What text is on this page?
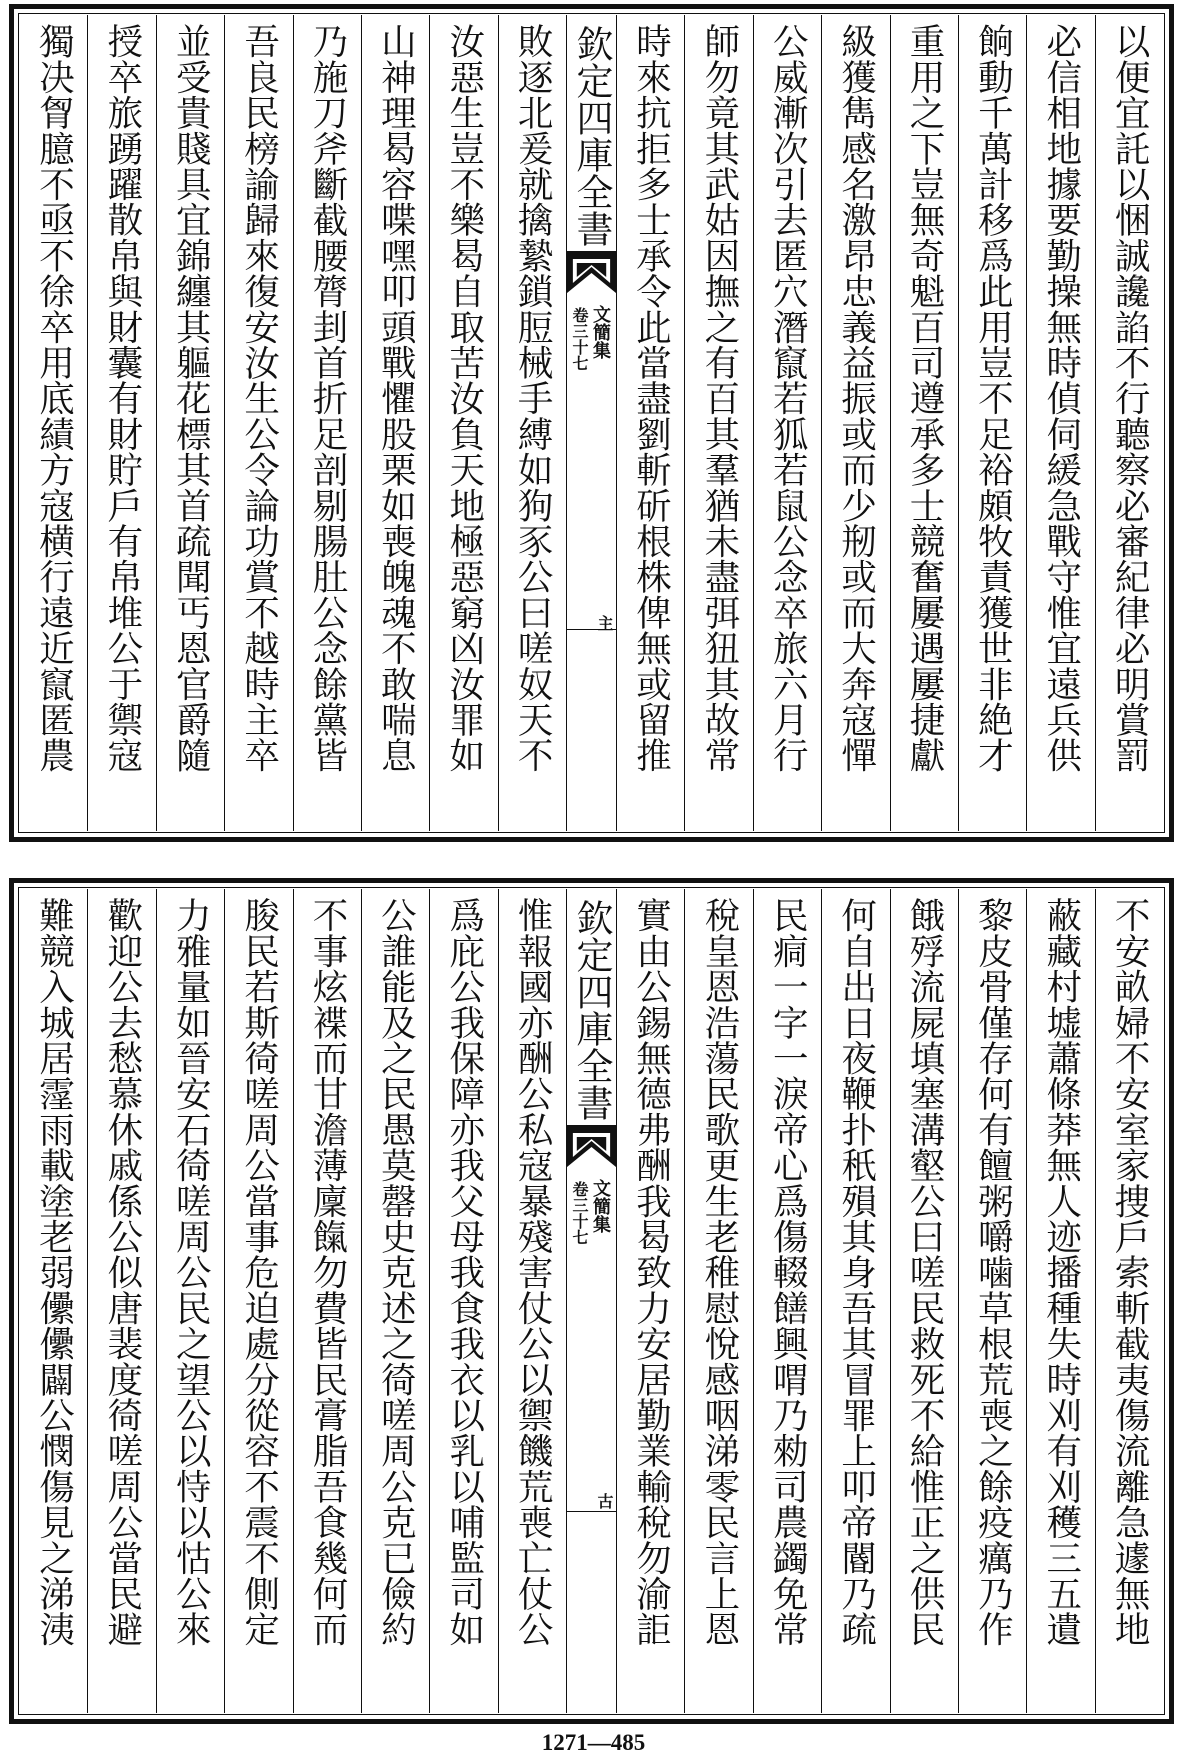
以便宜託以悃誠讒諂不行聽察必審紀律必明賞罰
必信相地據要勤操無時偵伺緩急戰守惟宜遠兵供
餉動千萬計移爲此用豈不足裕頗牧責獲世非絶才
重用之下豈無奇魁百司遵承多士競奮屢遇屢捷獻
級獲雋感名激昂忠義益振或而少剏或而大奔寇憚
公威漸次引去匿穴潛竄若狐若鼠公念卒旅六月行
師勿竟其武姑因撫之有百其羣猶未盡弭狃其故常
時來抗拒多士承令此當盡劉斬斫根株俾無或留推
欽定四庫全書
文簡集
卷三十七
主
敗逐北爰就擒縶鎖脰械手縛如狗豕公曰嗟奴天不
汝惡生豈不樂曷自取苦汝負天地極惡窮凶汝罪如
山神理曷容喋嘿叩頭戰懼股栗如喪魄魂不敢喘息
乃施刀斧斷截腰膂刲首折足剖剔腸肚公念餘黨皆
吾良民榜諭歸來復安汝生公令論功賞不越時主卒
並受貴賤具宜錦纏其軀花標其首疏聞丐恩官爵隨
授卒旅踴躍散帛與財囊有財貯戶有帛堆公于禦寇
獨决胷臆不亟不徐卒用底績方寇横行遠近竄匿農
不安畝婦不安室家捜戶索斬截夷傷流離急遽無地
蔽藏村墟蕭條莽無人迹播種失時刈有刈穫三五遺
黎皮骨僅存何有饘粥嚼噛草根荒喪之餘疫癘乃作
餓殍流屍填塞溝壑公曰嗟民救死不給惟正之供民
何自出日夜鞭扑秖殞其身吾其冒罪上叩帝閽乃疏
民痌一字一淚帝心爲傷輟饍興喟乃勑司農蠲免常
稅皇恩浩蕩民歌更生老稚慰悅感咽涕零民言上恩
實由公錫無德弗酬我曷致力安居勤業輸稅勿渝詎
欽定四庫全書
文簡集
卷三十七
古
惟報國亦酬公私寇暴殘害仗公以禦饑荒喪亡仗公
爲庇公我保障亦我父母我食我衣以乳以哺監司如
公誰能及之民愚莫罄史克述之徛嗟周公克已儉約
不事炫褋而甘澹薄廩餼勿費皆民膏脂吾食幾何而
朘民若斯徛嗟周公當事危迫處分從容不震不側定
力雅量如晉安石徛嗟周公民之望公以恃以怙公來
歡迎公去愁慕休戚係公似唐裴度徛嗟周公當民避
難競入城居霪雨載塗老弱儽儽闢公憫傷見之涕洟
1271—485
